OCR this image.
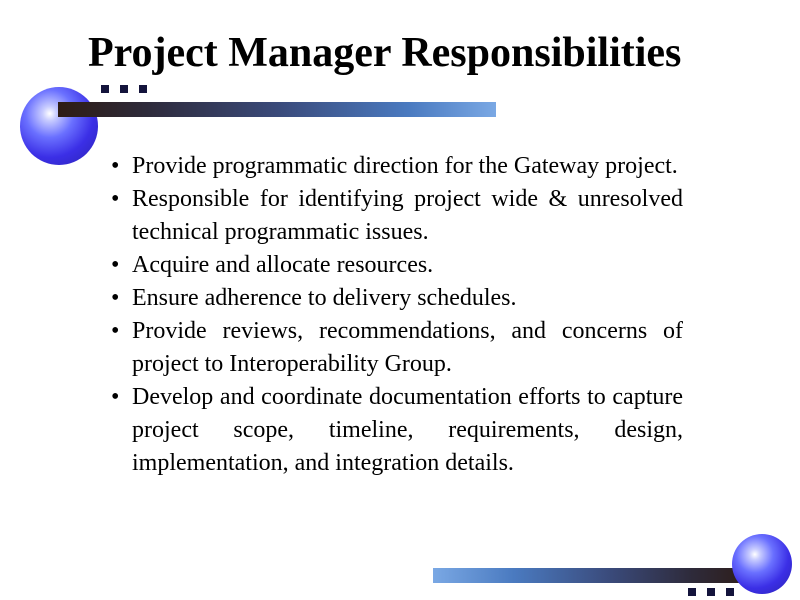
Project Manager Responsibilities
• Provide programmatic direction for the Gateway project.
• Responsible for identifying project wide & unresolved technical programmatic issues.
• Acquire and allocate resources.
• Ensure adherence to delivery schedules.
• Provide reviews, recommendations, and concerns of project to Interoperability Group.
• Develop and coordinate documentation efforts to capture project scope, timeline, requirements, design, implementation, and integration details.
